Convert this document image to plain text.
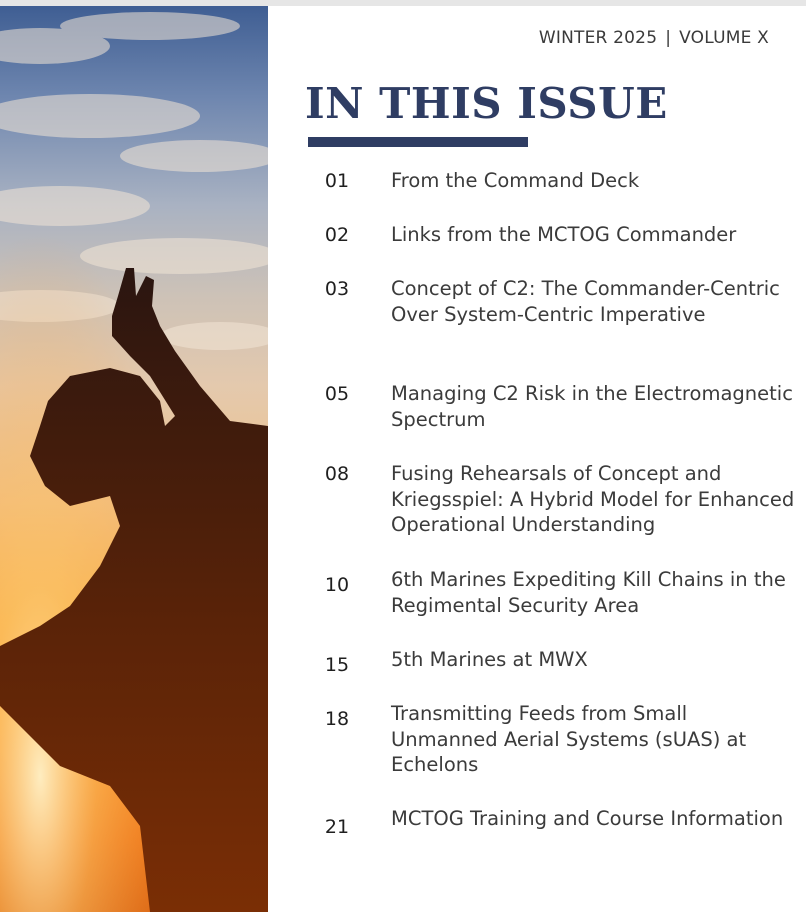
WINTER 2025 | VOLUME X
IN THIS ISSUE
01	From the Command Deck
02	Links from the MCTOG Commander
03	Concept of C2: The Commander-Centric Over System-Centric Imperative
05	Managing C2 Risk in the Electromagnetic Spectrum
08	Fusing Rehearsals of Concept and Kriegsspiel: A Hybrid Model for Enhanced Operational Understanding
10	6th Marines Expediting Kill Chains in the Regimental Security Area
15	5th Marines at MWX
18	Transmitting Feeds from Small Unmanned Aerial Systems (sUAS) at Echelons
21	MCTOG Training and Course Information
